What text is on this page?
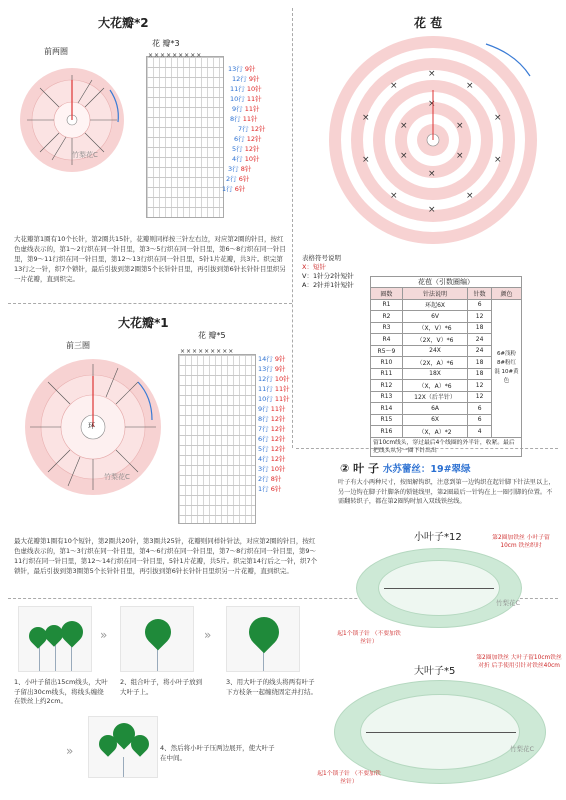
大花瓣*2
前两圈
花 瓣*3
竹梨花C
×××××××××
13行 9针
12行 9针
11行 10针
10行 11针
9行 11针
8行 11针
7行 12针
6行 12针
5行 12针
4行 10针
3行 8针
2行 6针
1行 6针
大花瓣第1圈有10个长针，第2圈共15针，花瓣则同样按三针左右边，对应第2圈的针目，按红色虚线表示的，第1～2行织在同一针目里，第3～5行织在同一针目里，第6～8行织在同一针目里，第9～11行织在同一针目里，第12～13行织在同一针目里，5针1片花瓣，共3片。织完第13行之一针，织7个锁针，最后引拔到第2圈第5个长针针目里，再引拔到第6针长针针目里织另一片花瓣，直到织完。
大花瓣*1
前三圈
花 瓣*5
环
竹梨花C
×××××××××
14行 9针
13行 9针
12行 10针
11行 11针
10行 11针
9行 11针
8行 12针
7行 12针
6行 12针
5行 12针
4行 12针
3行 10针
2行 8针
1行 6针
最大花瓣第1圈有10个短针，第2圈共20针，第3圈共25针，花瓣则同样针针法，对应第2圈的针目，按红色虚线表示的，第1～3行织在同一针目里，第4～6行织在同一针目里，第7～8行织在同一针目里，第9～11行织在同一针目里，第12～14行织在同一针目里，5针1片花瓣，共5片。织完第14行后之一针，织7个锁针，最后引拔到第3圈第5个长针针目里，再引拔到第6针长针针目里织另一片花瓣，直到织完。
花 苞
×
×
×
×
×
×
×
×
×
×
×
×
×
×
×
×
表格符号说明
X：短针
V：1针分2针短针
A：2针并1针短针	花苞（引数圈编）
圈数	针法说明	针数	颜色
R1	环起6X	6	6#浅粉 8#粉红 混 10#黄色
R2	6V	12	
R3	（X，V）*6	18	
R4	（2X，V）*6	24	
R5～9	24X	24	
R10	（2X，A）*6	18	
R11	18X	18	
R12	（X，A）*6	12	
R13	12X（后半针）	12	
R14	6A	6	
R15	6X	6	
R16	（X，A）*2	4	
留10cm线头，穿过最后4个线圈的外半针，收紧。最后把线头从另一圈下针出出
② 叶 子 水苏蕾丝：19#翠绿
叶子有大小两种尺寸，按图解钩织，注意到第一边钩织在起针脚下针法里以上，另一边钩在脚子针脚条的锁链线里，第2圈最后一针钩在上一圈引脚的位置。不需翻转织子，都在第2圈钩时加入双线铁丝线。
小叶子*12	第2圈加铁丝 小叶子留10cm 铁丝织时
竹梨花C
起1个锁子针 （不要加铁丝针）
大叶子*5
第2圈加铁丝 大叶子留10cm铁丝对折 后手使用引针对铁丝40cm
竹梨花C
起1个锁子针 （不要加铁丝针）
»	»
1、小叶子留出15cm线头，大叶子留出30cm线头，将线头缠绕在铁丝上约2cm。
2、组合叶子，将小叶子放到大叶子上。
3、用大叶子的线头将两有叶子下方枝条一起缠绕固定并打结。
»	4、然后将小叶子压两边展开，使大叶子在中间。
